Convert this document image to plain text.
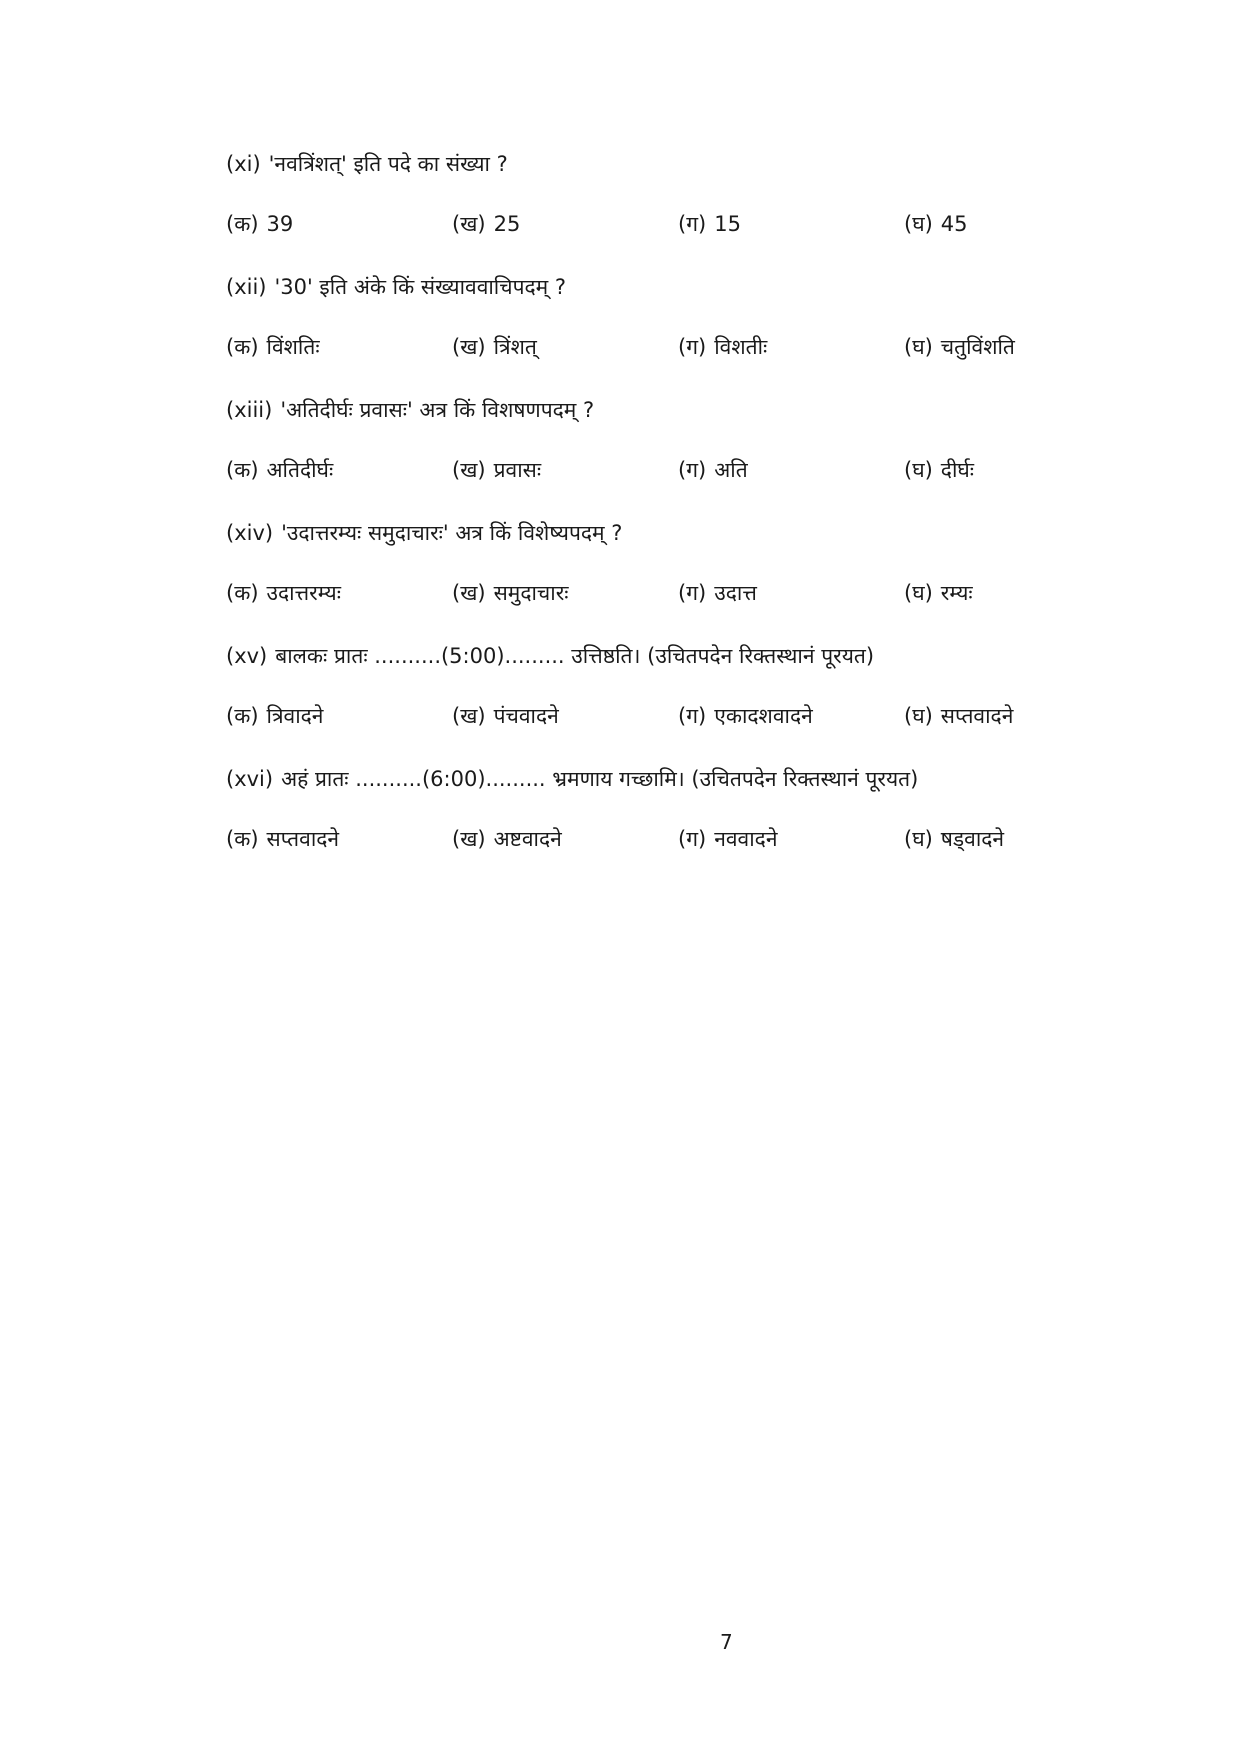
(xi) 'नवत्रिंशत्' इति पदे का संख्या ?
(क) 39	(ख) 25	(ग) 15	(घ) 45
(xii) '30' इति अंके किं संख्याववाचिपदम् ?
(क) विंशतिः	(ख) त्रिंशत्	(ग) विशतीः	(घ) चतुविंशति
(xiii) 'अतिदीर्घः प्रवासः' अत्र किं विशषणपदम् ?
(क) अतिदीर्घः	(ख) प्रवासः	(ग) अति	(घ) दीर्घः
(xiv) 'उदात्तरम्यः समुदाचारः' अत्र किं विशेष्यपदम् ?
(क) उदात्तरम्यः	(ख) समुदाचारः	(ग) उदात्त	(घ) रम्यः
(xv) बालकः प्रातः ..........(5:00)......... उत्तिष्ठति। (उचितपदेन रिक्तस्थानं पूरयत)
(क) त्रिवादने	(ख) पंचवादने	(ग) एकादशवादने	(घ) सप्तवादने
(xvi) अहं प्रातः ..........(6:00)......... भ्रमणाय गच्छामि। (उचितपदेन रिक्तस्थानं पूरयत)
(क) सप्तवादने	(ख) अष्टवादने	(ग) नववादने	(घ) षड्वादने
7
